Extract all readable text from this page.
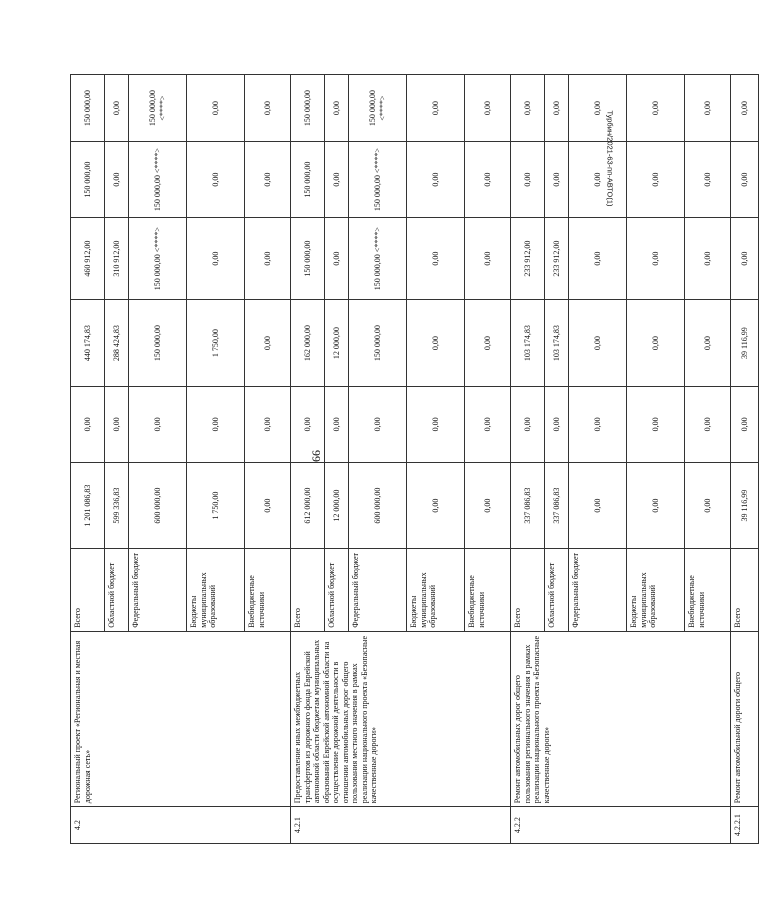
66
Турбин/2021-63-пп-АВТО(1)
4.2	Региональный проект «Региональная и местная дорожная сеть»	Всего	1 201 086,83	0,00	440 174,83	460 912,00	150 000,00	150 000,00
		Областной бюджет	599 336,83	0,00	288 424,83	310 912,00	0,00	0,00
		Федеральный бюджет	600 000,00	0,00	150 000,00	150 000,00 <****>	150 000,00 <****>	150 000,00 <****>
		Бюджеты муниципальных образований	1 750,00	0,00	1 750,00	0,00	0,00	0,00
		Внебюджетные источники	0,00	0,00	0,00	0,00	0,00	0,00
4.2.1	Предоставление иных межбюджетных трансфертов из дорожного фонда Еврейской автономной области бюджетам муниципальных образований Еврейской автономной области на осуществление дорожной деятельности в отношении автомобильных дорог общего пользования местного значения в рамках реализации национального проекта «Безопасные качественные дороги»	Всего	612 000,00	0,00	162 000,00	150 000,00	150 000,00	150 000,00
		Областной бюджет	12 000,00	0,00	12 000,00	0,00	0,00	0,00
		Федеральный бюджет	600 000,00	0,00	150 000,00	150 000,00 <****>	150 000,00 <****>	150 000,00 <****>
		Бюджеты муниципальных образований	0,00	0,00	0,00	0,00	0,00	0,00
		Внебюджетные источники	0,00	0,00	0,00	0,00	0,00	0,00
4.2.2	Ремонт автомобильных дорог общего пользования регионального значения в рамках реализации национального проекта «Безопасные качественные дороги»	Всего	337 086,83	0,00	103 174,83	233 912,00	0,00	0,00
		Областной бюджет	337 086,83	0,00	103 174,83	233 912,00	0,00	0,00
		Федеральный бюджет	0,00	0,00	0,00	0,00	0,00	0,00
		Бюджеты муниципальных образований	0,00	0,00	0,00	0,00	0,00	0,00
		Внебюджетные источники	0,00	0,00	0,00	0,00	0,00	0,00
4.2.2.1	Ремонт автомобильной дороги общего	Всего	39 116,99	0,00	39 116,99	0,00	0,00	0,00
